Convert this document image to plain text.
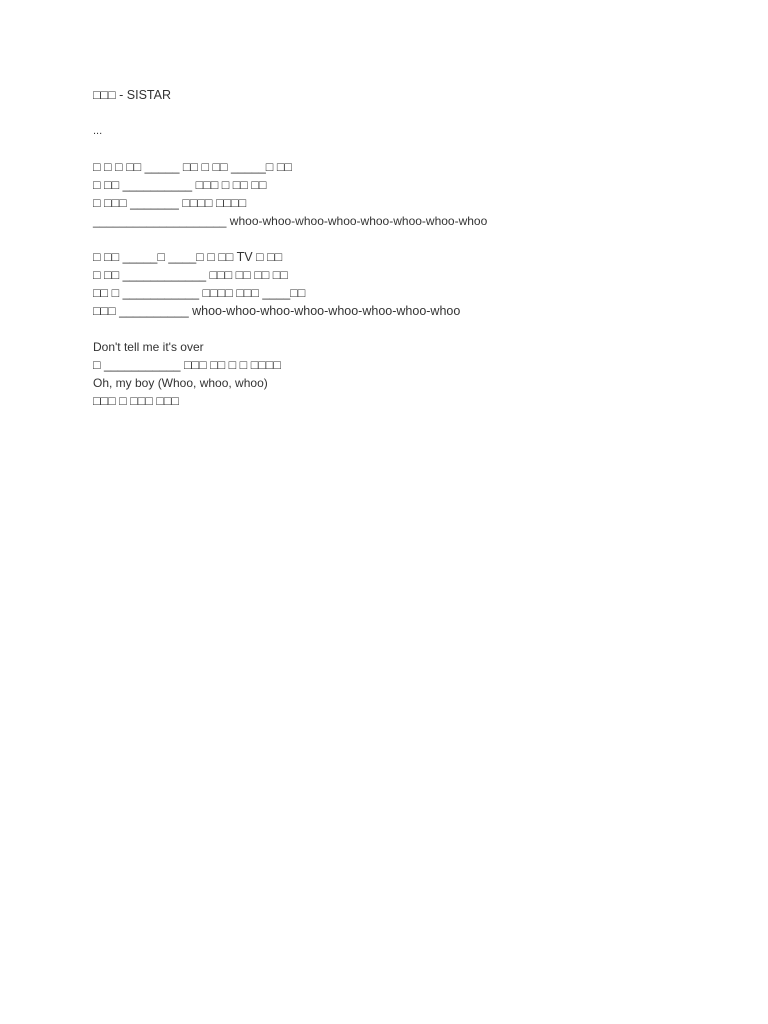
□□□ - SISTAR
...
□ □ □ □□ _____ □□ □ □□ _____□ □□
□ □□ __________ □□□ □ □□ □□
□ □□□ _______ □□□□ □□□□
____________________ whoo-whoo-whoo-whoo-whoo-whoo-whoo-whoo
□ □□ _____□ ____□ □ □□ TV □ □□
□ □□ ____________ □□□ □□ □□ □□
□□ □ ___________ □□□□ □□□ ____□□
□□□ __________ whoo-whoo-whoo-whoo-whoo-whoo-whoo-whoo
Don't tell me it's over
□ ___________ □□□ □□ □ □ □□□□
Oh, my boy (Whoo, whoo, whoo)
□□□ □ □□□ □□□
